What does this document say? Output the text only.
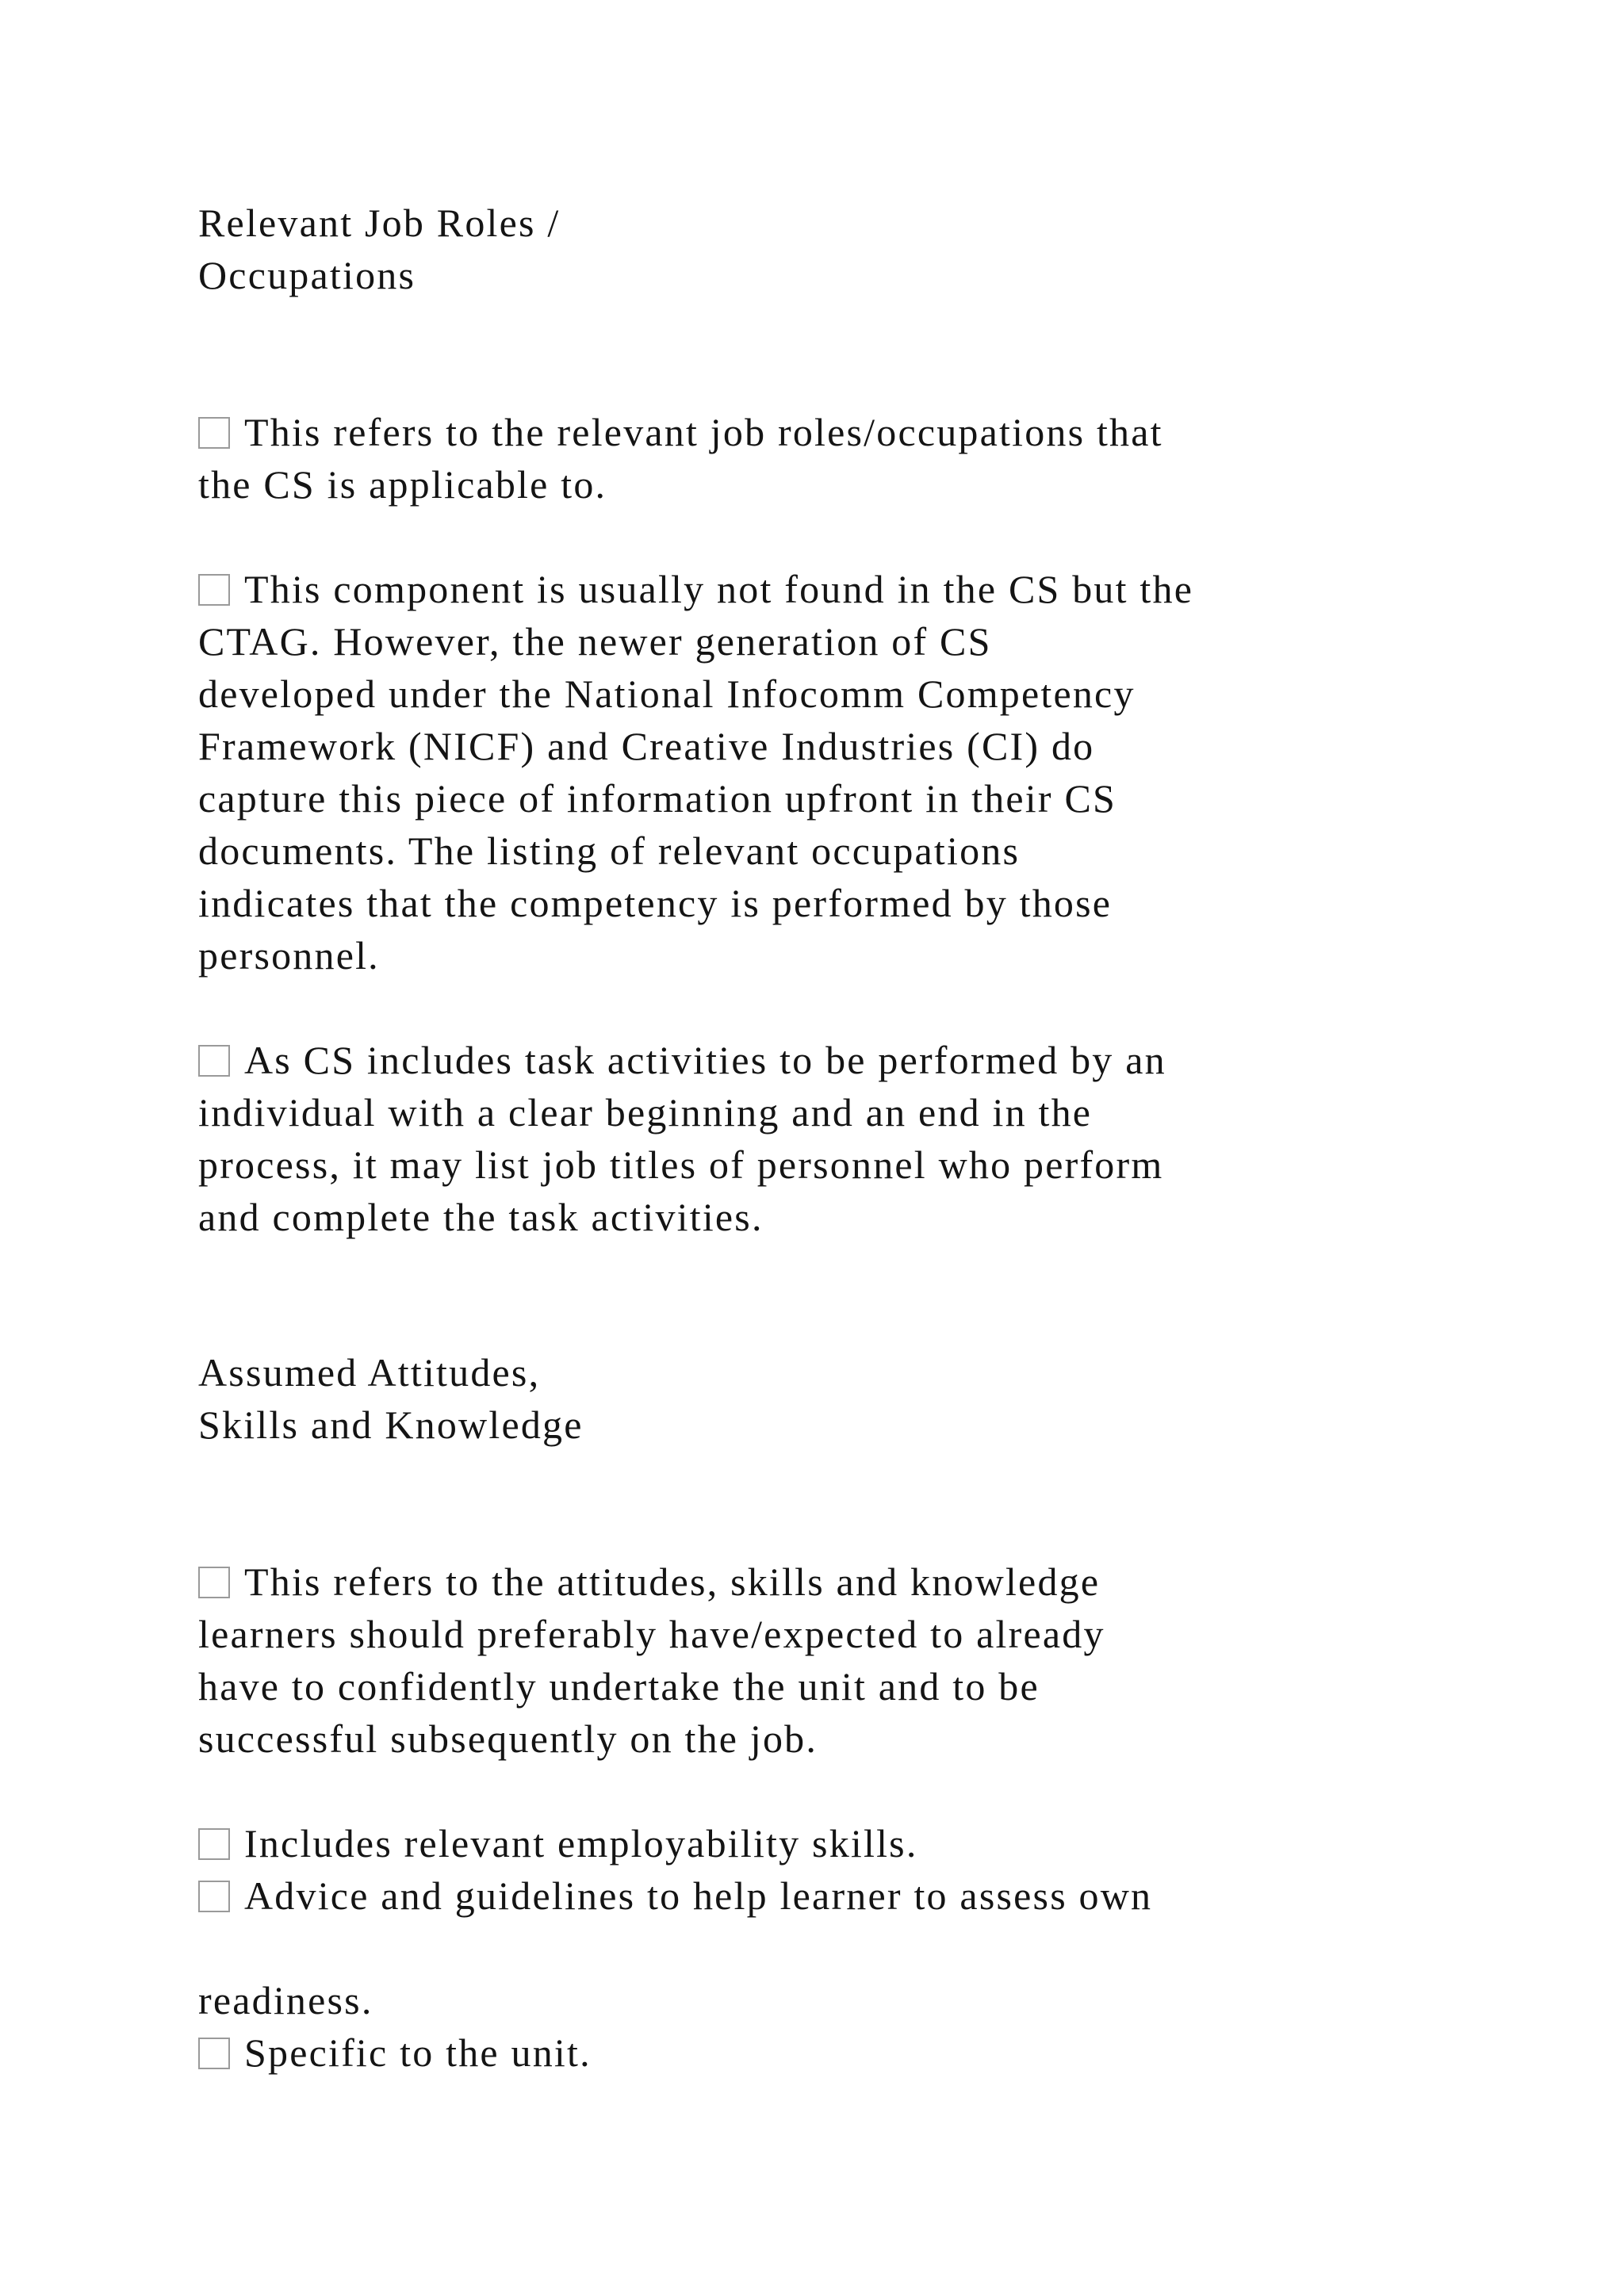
Relevant Job Roles /
Occupations
This refers to the relevant job roles/occupations that
the CS is applicable to.
This component is usually not found in the CS but the
CTAG. However, the newer generation of CS
developed under the National Infocomm Competency
Framework (NICF) and Creative Industries (CI) do
capture this piece of information upfront in their CS
documents. The listing of relevant occupations
indicates that the competency is performed by those
personnel.
As CS includes task activities to be performed by an
individual with a clear beginning and an end in the
process, it may list job titles of personnel who perform
and complete the task activities.
Assumed Attitudes,
Skills and Knowledge
This refers to the attitudes, skills and knowledge
learners should preferably have/expected to already
have to confidently undertake the unit and to be
successful subsequently on the job.
Includes relevant employability skills.
Advice and guidelines to help learner to assess own
readiness.
Specific to the unit.
